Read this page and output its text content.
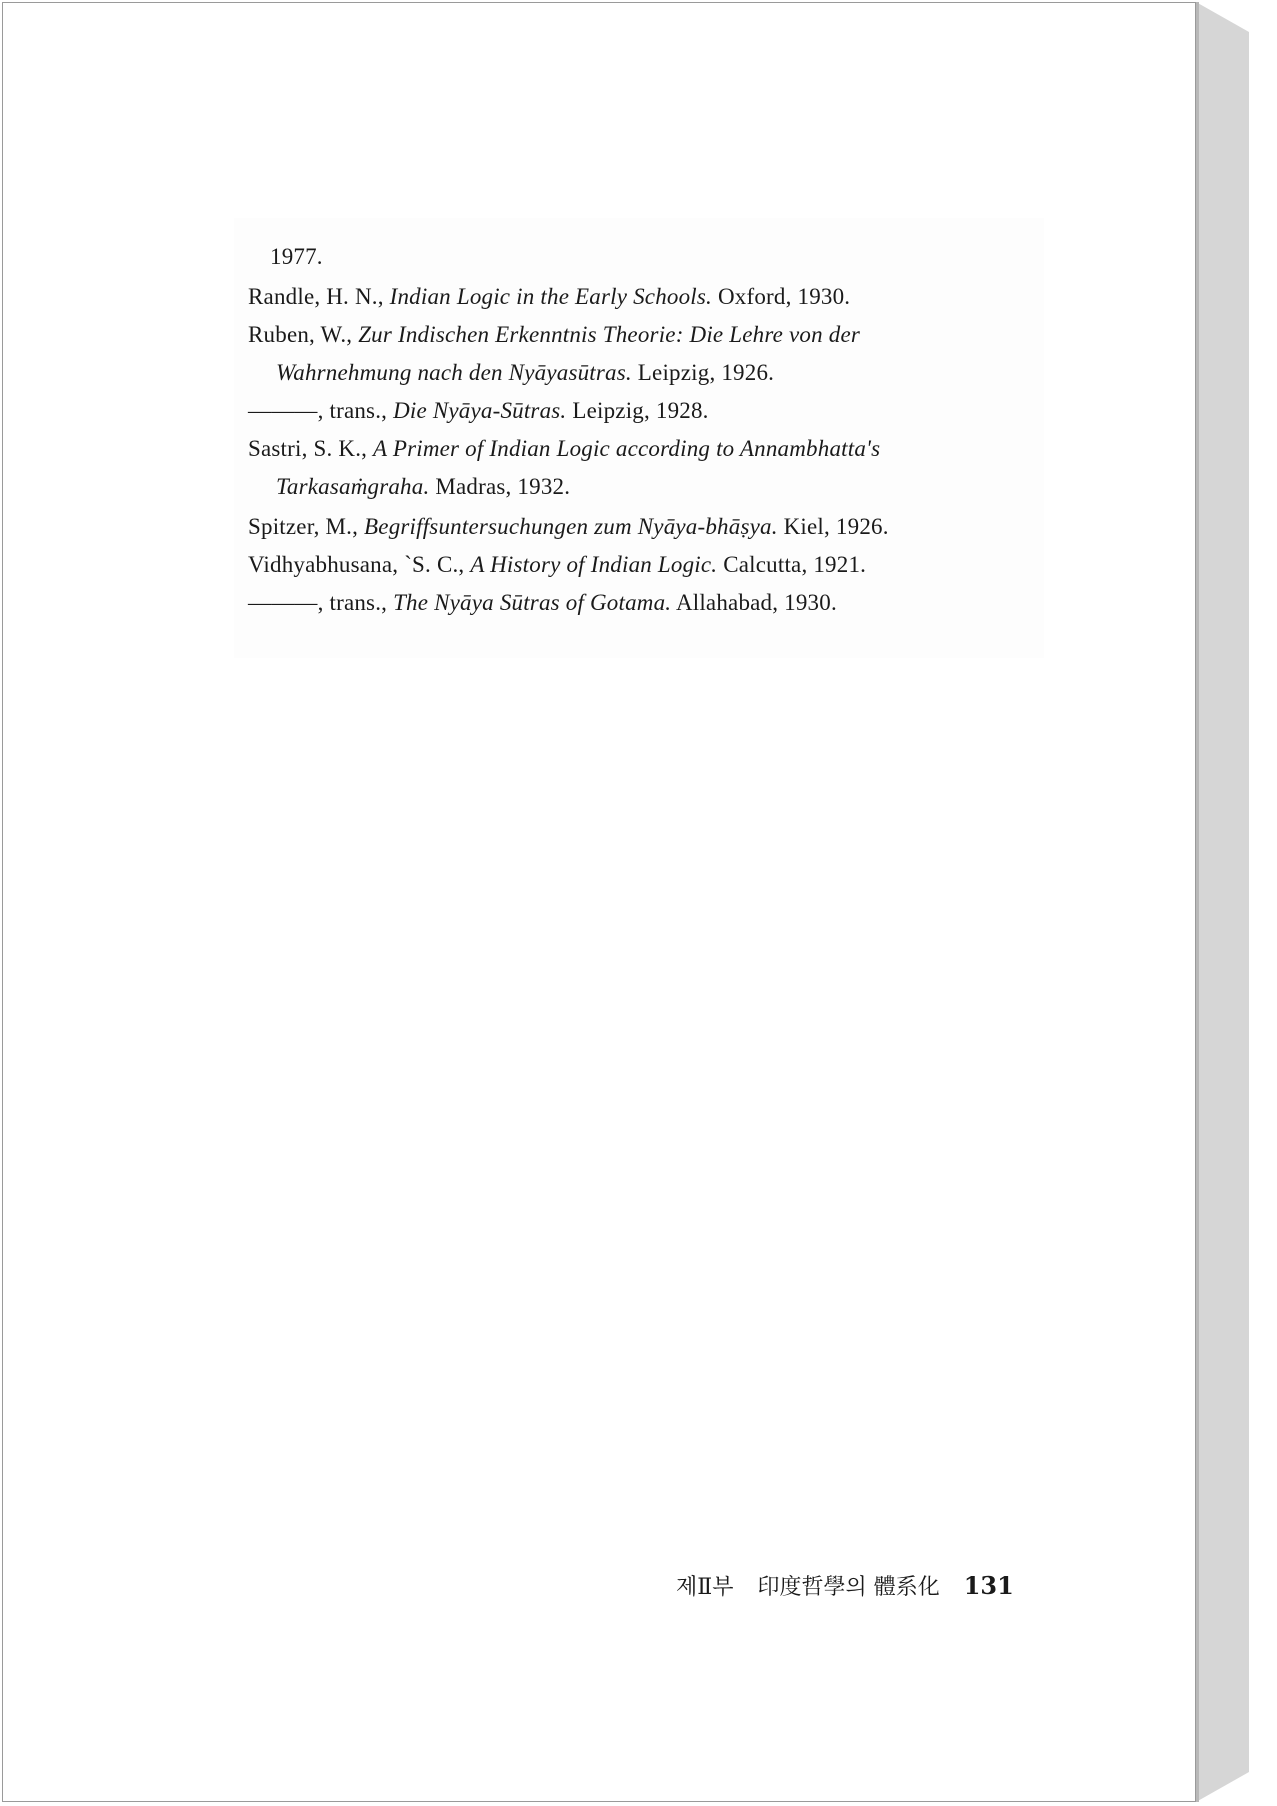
1977.
Randle, H. N., Indian Logic in the Early Schools. Oxford, 1930.
Ruben, W., Zur Indischen Erkenntnis Theorie: Die Lehre von der
Wahrnehmung nach den Nyāyasūtras. Leipzig, 1926.
———, trans., Die Nyāya-Sūtras. Leipzig, 1928.
Sastri, S. K., A Primer of Indian Logic according to Annambhatta's
Tarkasaṁgraha. Madras, 1932.
Spitzer, M., Begriffsuntersuchungen zum Nyāya-bhāṣya. Kiel, 1926.
Vidhyabhusana, `S. C., A History of Indian Logic. Calcutta, 1921.
———, trans., The Nyāya Sūtras of Gotama. Allahabad, 1930.
제Ⅱ부 印度哲學의 體系化 131
